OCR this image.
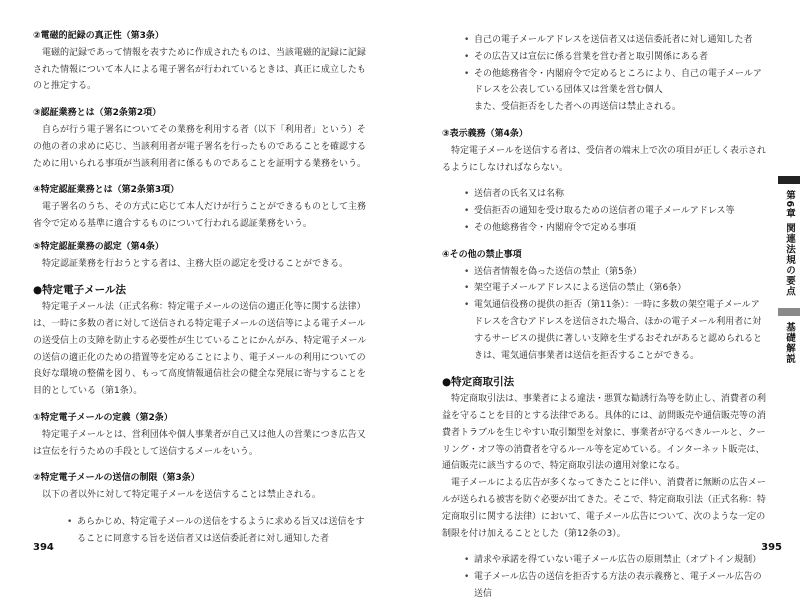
②電磁的記録の真正性（第3条）
電磁的記録であって情報を表すために作成されたものは、当該電磁的記録に記録された情報について本人による電子署名が行われているときは、真正に成立したものと推定する。
③認証業務とは（第2条第2項）
自らが行う電子署名についてその業務を利用する者（以下「利用者」という）その他の者の求めに応じ、当該利用者が電子署名を行ったものであることを確認するために用いられる事項が当該利用者に係るものであることを証明する業務をいう。
④特定認証業務とは（第2条第3項）
電子署名のうち、その方式に応じて本人だけが行うことができるものとして主務省令で定める基準に適合するものについて行われる認証業務をいう。
⑤特定認証業務の認定（第4条）
特定認証業務を行おうとする者は、主務大臣の認定を受けることができる。
●特定電子メール法
特定電子メール法（正式名称：特定電子メールの送信の適正化等に関する法律）は、一時に多数の者に対して送信される特定電子メールの送信等による電子メールの送受信上の支障を防止する必要性が生じていることにかんがみ、特定電子メールの送信の適正化のための措置等を定めることにより、電子メールの利用についての良好な環境の整備を図り、もって高度情報通信社会の健全な発展に寄与することを目的としている（第1条）。
①特定電子メールの定義（第2条）
特定電子メールとは、営利団体や個人事業者が自己又は他人の営業につき広告又は宣伝を行うための手段として送信するメールをいう。
②特定電子メールの送信の制限（第3条）
以下の者以外に対して特定電子メールを送信することは禁止される。
• あらかじめ、特定電子メールの送信をするように求める旨又は送信をすることに同意する旨を送信者又は送信委託者に対し通知した者
394
• 自己の電子メールアドレスを送信者又は送信委託者に対し通知した者
• その広告又は宣伝に係る営業を営む者と取引関係にある者
• その他総務省令・内閣府令で定めるところにより、自己の電子メールアドレスを公表している団体又は営業を営む個人
また、受信拒否をした者への再送信は禁止される。
③表示義務（第4条）
特定電子メールを送信する者は、受信者の端末上で次の項目が正しく表示されるようにしなければならない。
• 送信者の氏名又は名称
• 受信拒否の通知を受け取るための送信者の電子メールアドレス等
• その他総務省令・内閣府令で定める事項
④その他の禁止事項
• 送信者情報を偽った送信の禁止（第5条）
• 架空電子メールアドレスによる送信の禁止（第6条）
• 電気通信役務の提供の拒否（第11条）：一時に多数の架空電子メールアドレスを含むアドレスを送信された場合、ほかの電子メール利用者に対するサービスの提供に著しい支障を生ずるおそれがあると認められるときは、電気通信事業者は送信を拒否することができる。
●特定商取引法
特定商取引法は、事業者による違法・悪質な勧誘行為等を防止し、消費者の利益を守ることを目的とする法律である。具体的には、訪問販売や通信販売等の消費者トラブルを生じやすい取引類型を対象に、事業者が守るべきルールと、クーリング・オフ等の消費者を守るルール等を定めている。インターネット販売は、通信販売に該当するので、特定商取引法の適用対象になる。
電子メールによる広告が多くなってきたことに伴い、消費者に無断の広告メールが送られる被害を防ぐ必要が出てきた。そこで、特定商取引法（正式名称：特定商取引に関する法律）において、電子メール広告について、次のような一定の制限を付け加えることとした（第12条の3）。
• 請求や承諾を得ていない電子メール広告の原則禁止（オプトイン規制）
• 電子メール広告の送信を拒否する方法の表示義務と、電子メール広告の送信
395
第6章 関連法規の要点
基礎解説
